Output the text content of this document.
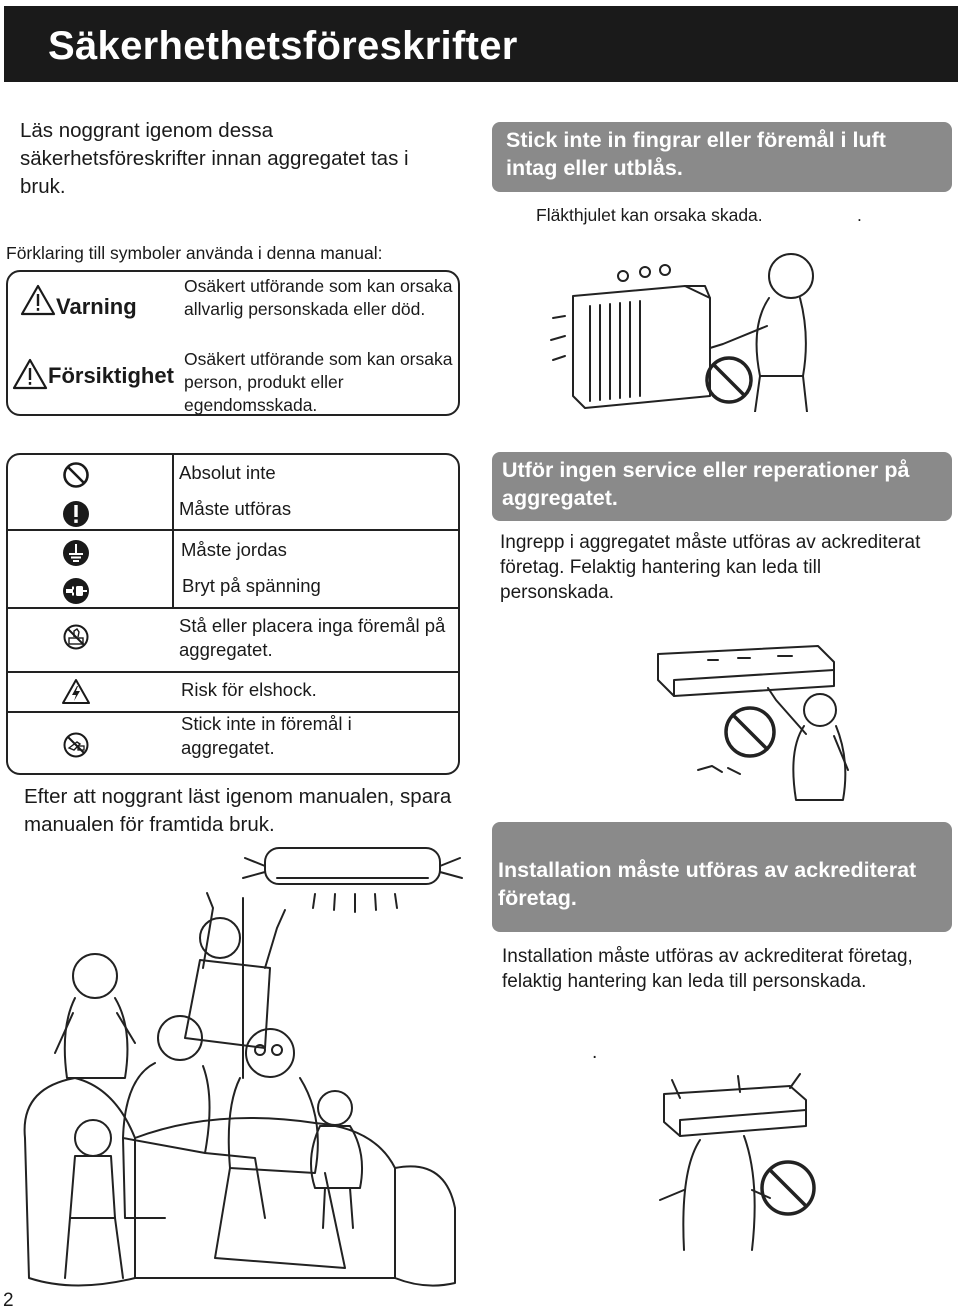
Säkerhethetsföreskrifter
Läs noggrant igenom dessa säkerhetsföreskrifter innan aggregatet tas i bruk.
Förklaring till symboler använda i denna manual:
Varning
Osäkert utförande som kan orsaka allvarlig personskada eller död.
Försiktighet
Osäkert utförande som kan orsaka person, produkt eller egendomsskada.
Absolut inte
Måste utföras
Måste jordas
Bryt på spänning
Stå eller placera inga föremål på aggregatet.
Risk för elshock.
Stick inte in föremål i aggregatet.
Efter att noggrant läst igenom manualen, spara manualen för framtida bruk.
Stick inte in fingrar eller föremål i luft intag eller utblås.
Fläkthjulet kan orsaka skada.	.
Utför ingen service eller reperationer på aggregatet.
Ingrepp i aggregatet måste utföras av ackrediterat företag. Felaktig hantering kan leda till personskada.
Installation måste utföras av ackrediterat företag.
Installation måste utföras av ackrediterat företag, felaktig hantering kan leda till personskada.
.
2
